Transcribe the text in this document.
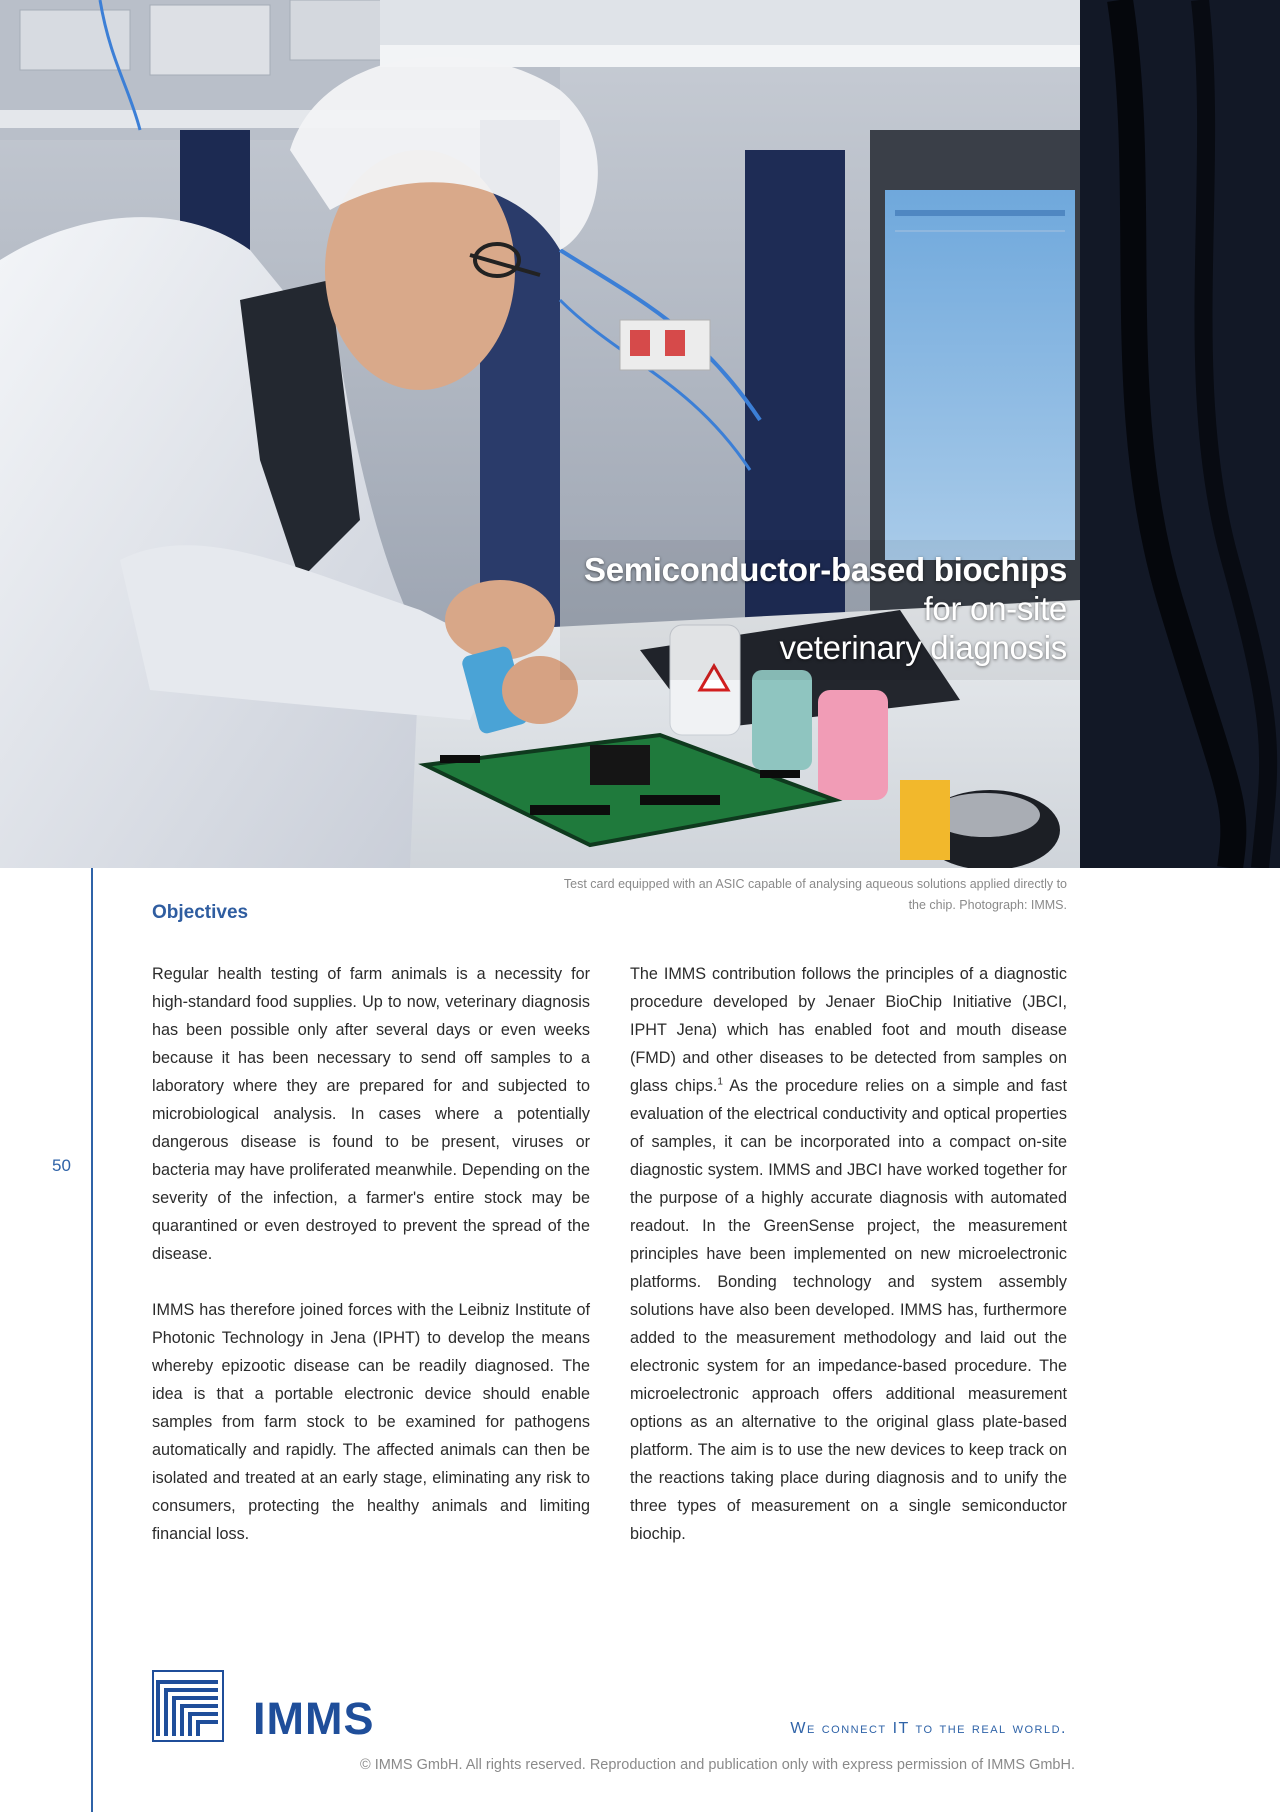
Semiconductor-based biochips
for on-site
veterinary diagnosis
50
Test card equipped with an ASIC capable of analysing aqueous solutions applied directly to the chip. Photograph: IMMS.
Objectives

Regular health testing of farm animals is a necessity for high-standard food supplies. Up to now, veterinary diagnosis has been possible only after several days or even weeks because it has been necessary to send off samples to a laboratory where they are prepared for and subjected to microbiological analysis. In cases where a potentially dangerous disease is found to be present, viruses or bacteria may have proliferated meanwhile. Depending on the severity of the infection, a farmer's entire stock may be quarantined or even destroyed to prevent the spread of the disease.

IMMS has therefore joined forces with the Leibniz Institute of Photonic Technology in Jena (IPHT) to develop the means whereby epizootic disease can be readily diagnosed. The idea is that a portable electronic device should enable samples from farm stock to be examined for pathogens automatically and rapidly. The affected animals can then be isolated and treated at an early stage, eliminating any risk to consumers, protecting the healthy animals and limiting financial loss.

The IMMS contribution follows the principles of a diagnostic procedure developed by Jenaer BioChip Initiative (JBCI, IPHT Jena) which has enabled foot and mouth disease (FMD) and other diseases to be detected from samples on glass chips.$^1$ As the procedure relies on a simple and fast evaluation of the electrical conductivity and optical properties of samples, it can be incorporated into a compact on-site diagnostic system. IMMS and JBCI have worked together for the purpose of a highly accurate diagnosis with automated readout. In the GreenSense project, the measurement principles have been implemented on new microelectronic platforms. Bonding technology and system assembly solutions have also been developed. IMMS has, furthermore added to the measurement methodology and laid out the electronic system for an impedance-based procedure. The microelectronic approach offers additional measurement options as an alternative to the original glass plate-based platform. The aim is to use the new devices to keep track on the reactions taking place during diagnosis and to unify the three types of measurement on a single semiconductor biochip.

IMMS	We connect IT to the real world.
© IMMS GmbH. All rights reserved. Reproduction and publication only with express permission of IMMS GmbH.
